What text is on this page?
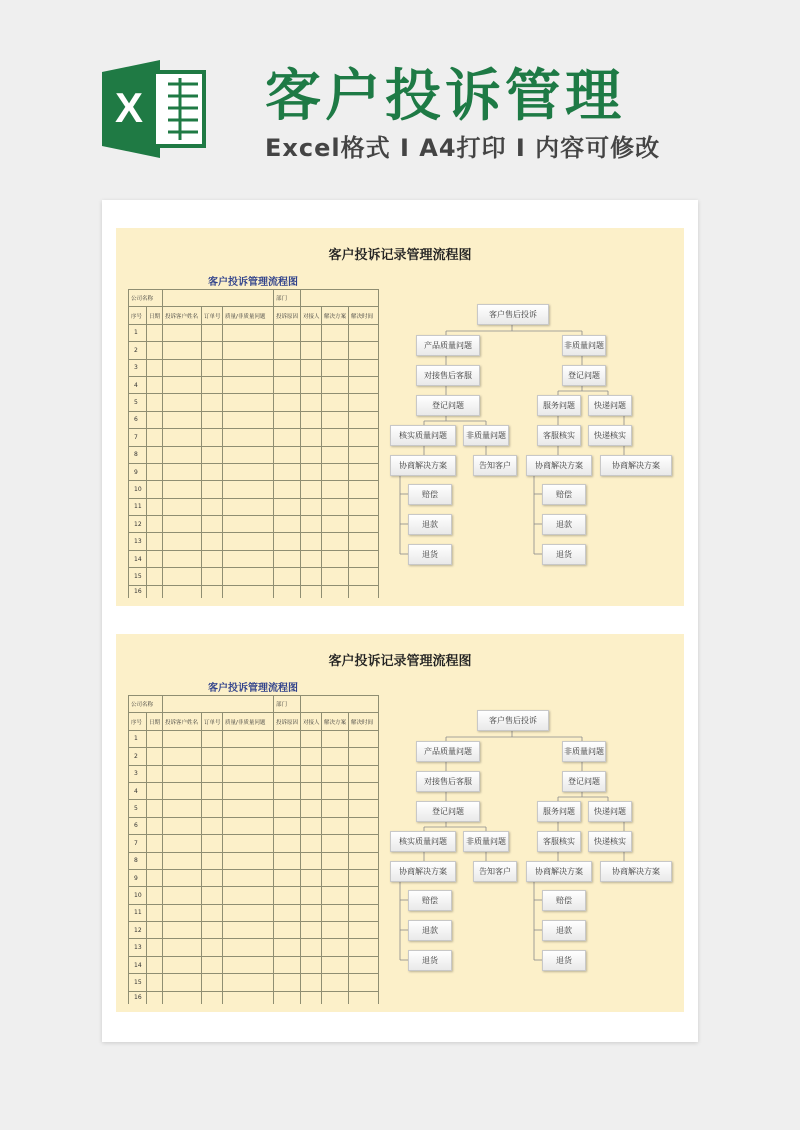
X 客户投诉管理
Excel格式 I A4打印 I 内容可修改
客户投诉记录管理流程图
客户投诉管理流程图
公司名称					部门			
序号	日期	投诉客户姓名	订单号	质量/非质量问题	投诉原因	对接人	解决方案	解决时间
1								
2								
3								
4								
5								
6								
7								
8								
9								
10								
11								
12								
13								
14								
15								
16								
客户售后投诉
产品质量问题	非质量问题
对接售后客服	登记问题
登记问题	服务问题	快递问题
核实质量问题	非质量问题	客服核实	快递核实
协商解决方案	告知客户	协商解决方案	协商解决方案
赔偿
退款
退货
赔偿
退款
退货
客户投诉记录管理流程图
客户投诉管理流程图
公司名称					部门			
序号	日期	投诉客户姓名	订单号	质量/非质量问题	投诉原因	对接人	解决方案	解决时间
1								
2								
3								
4								
5								
6								
7								
8								
9								
10								
11								
12								
13								
14								
15								
16								
客户售后投诉
产品质量问题	非质量问题
对接售后客服	登记问题
登记问题	服务问题	快递问题
核实质量问题	非质量问题	客服核实	快递核实
协商解决方案	告知客户	协商解决方案	协商解决方案
赔偿
退款
退货
赔偿
退款
退货
